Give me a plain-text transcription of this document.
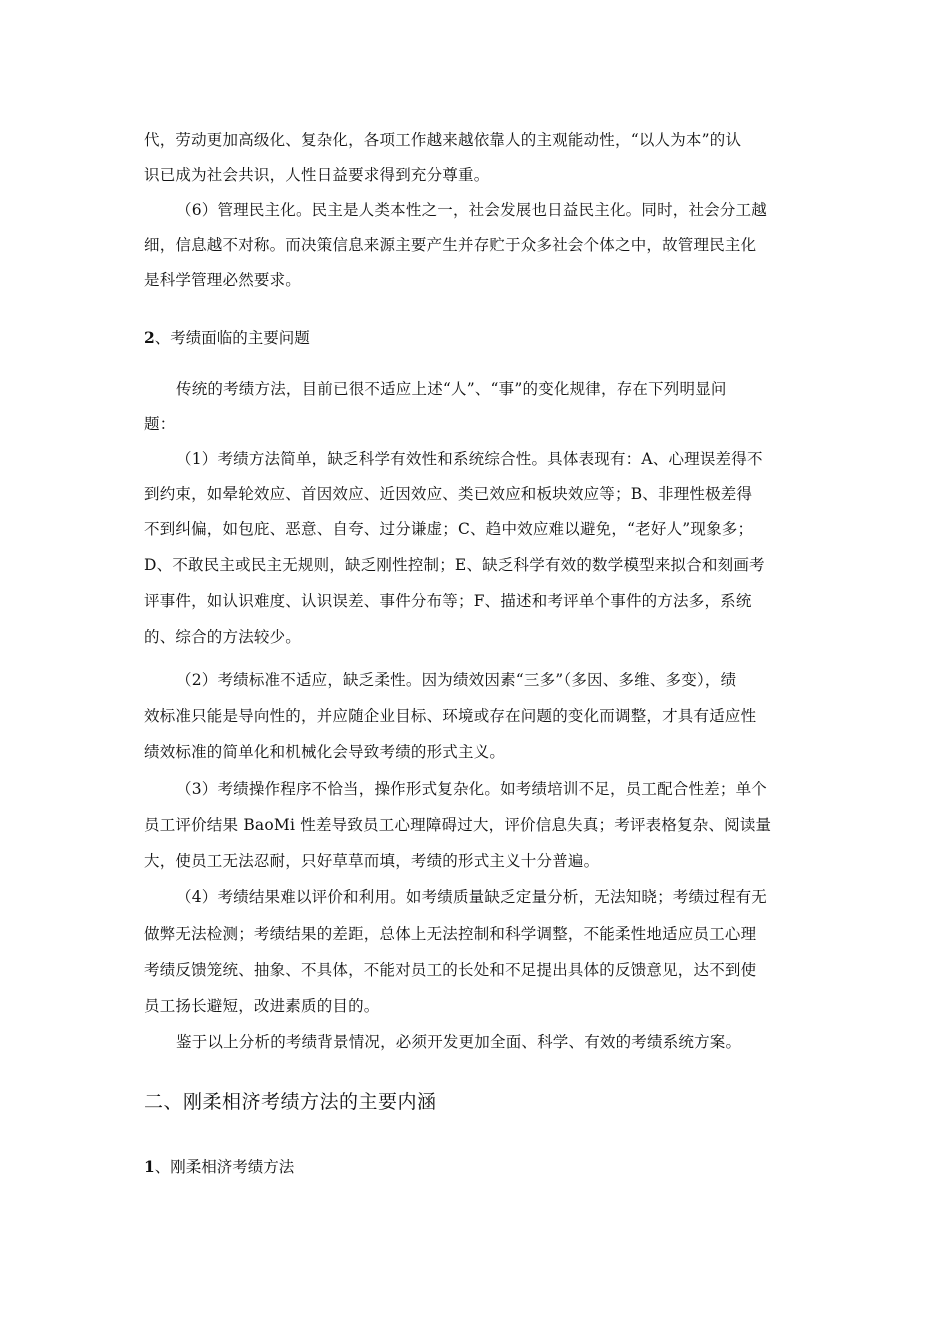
代，劳动更加高级化、复杂化，各项工作越来越依靠人的主观能动性，“以人为本”的认
识已成为社会共识，人性日益要求得到充分尊重。
（6）管理民主化。民主是人类本性之一，社会发展也日益民主化。同时，社会分工越
细，信息越不对称。而决策信息来源主要产生并存贮于众多社会个体之中，故管理民主化
是科学管理必然要求。
2、考绩面临的主要问题
传统的考绩方法，目前已很不适应上述“人”、“事”的变化规律，存在下列明显问
题：
（1）考绩方法简单，缺乏科学有效性和系统综合性。具体表现有：A、心理误差得不
到约束，如晕轮效应、首因效应、近因效应、类已效应和板块效应等；B、非理性极差得
不到纠偏，如包庇、恶意、自夸、过分谦虚；C、趋中效应难以避免，“老好人”现象多；
D、不敢民主或民主无规则，缺乏刚性控制；E、缺乏科学有效的数学模型来拟合和刻画考
评事件，如认识难度、认识误差、事件分布等；F、描述和考评单个事件的方法多，系统
的、综合的方法较少。
（2）考绩标准不适应，缺乏柔性。因为绩效因素“三多”（多因、多维、多变），绩
效标准只能是导向性的，并应随企业目标、环境或存在问题的变化而调整，才具有适应性
绩效标准的简单化和机械化会导致考绩的形式主义。
（3）考绩操作程序不恰当，操作形式复杂化。如考绩培训不足，员工配合性差；单个
员工评价结果 BaoMi 性差导致员工心理障碍过大，评价信息失真；考评表格复杂、阅读量
大，使员工无法忍耐，只好草草而填，考绩的形式主义十分普遍。
（4）考绩结果难以评价和利用。如考绩质量缺乏定量分析，无法知晓；考绩过程有无
做弊无法检测；考绩结果的差距，总体上无法控制和科学调整，不能柔性地适应员工心理
考绩反馈笼统、抽象、不具体，不能对员工的长处和不足提出具体的反馈意见，达不到使
员工扬长避短，改进素质的目的。
鉴于以上分析的考绩背景情况，必须开发更加全面、科学、有效的考绩系统方案。
二、刚柔相济考绩方法的主要内涵
1、刚柔相济考绩方法
